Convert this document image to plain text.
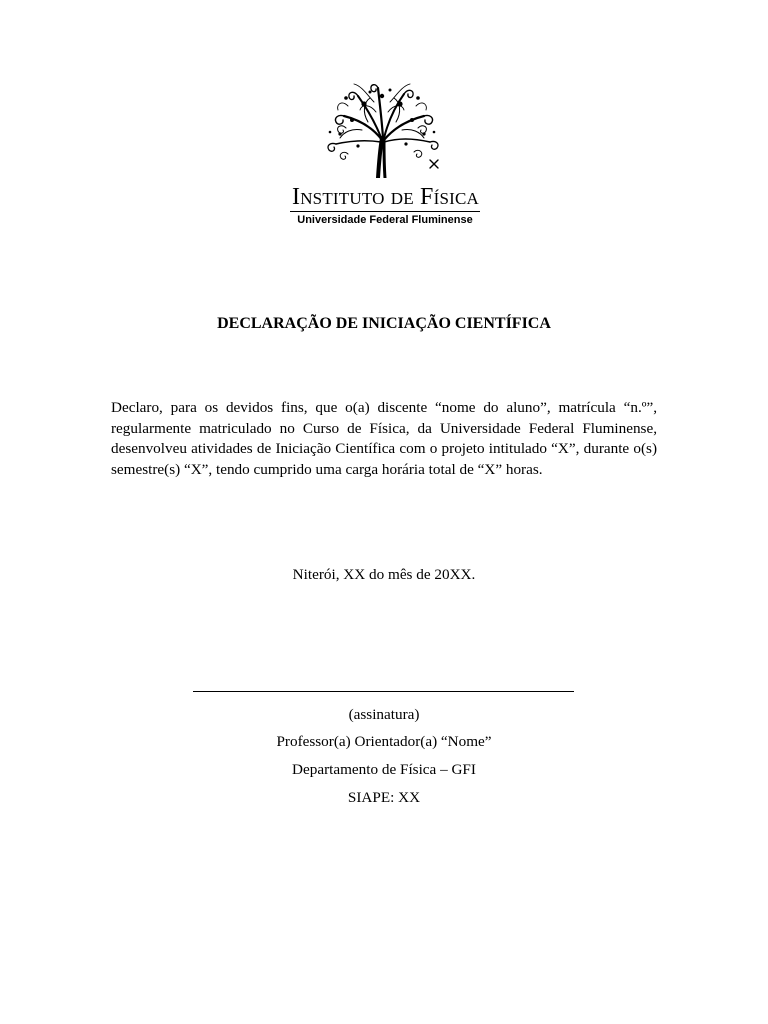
Instituto de Física
Universidade Federal Fluminense
DECLARAÇÃO DE INICIAÇÃO CIENTÍFICA

Declaro, para os devidos fins, que o(a) discente “nome do aluno”, matrícula “n.º”, regularmente matriculado no Curso de Física, da Universidade Federal Fluminense, desenvolveu atividades de Iniciação Científica com o projeto intitulado “X”, durante o(s) semestre(s) “X”, tendo cumprido uma carga horária total de “X” horas.

Niterói, XX do mês de 20XX.
(assinatura)
Professor(a) Orientador(a) “Nome”
Departamento de Física – GFI
SIAPE: XX
